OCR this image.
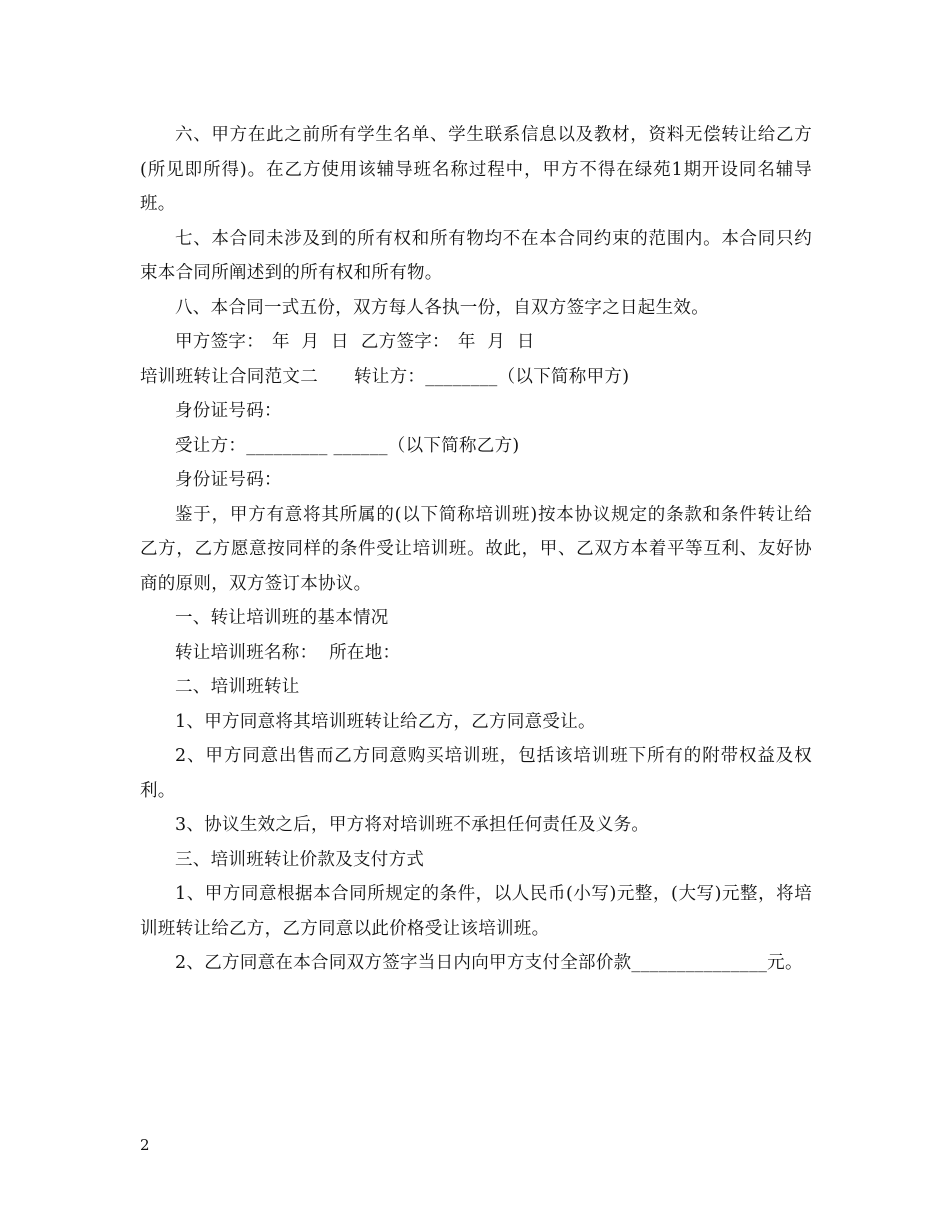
六、甲方在此之前所有学生名单、学生联系信息以及教材，资料无偿转让给乙方(所见即所得)。在乙方使用该辅导班名称过程中，甲方不得在绿苑1期开设同名辅导班。

七、本合同未涉及到的所有权和所有物均不在本合同约束的范围内。本合同只约束本合同所阐述到的所有权和所有物。

八、本合同一式五份，双方每人各执一份，自双方签字之日起生效。

甲方签字： 年  月  日 乙方签字： 年  月  日

培训班转让合同范文二 转让方：________（以下简称甲方)

身份证号码：

受让方：_________ ______（以下简称乙方)

身份证号码：

鉴于，甲方有意将其所属的(以下简称培训班)按本协议规定的条款和条件转让给乙方，乙方愿意按同样的条件受让培训班。故此，甲、乙双方本着平等互利、友好协商的原则，双方签订本协议。

一、转让培训班的基本情况

转让培训班名称：  所在地：

二、培训班转让

1、甲方同意将其培训班转让给乙方，乙方同意受让。

2、甲方同意出售而乙方同意购买培训班，包括该培训班下所有的附带权益及权利。

3、协议生效之后，甲方将对培训班不承担任何责任及义务。

三、培训班转让价款及支付方式

1、甲方同意根据本合同所规定的条件，以人民币(小写)元整，(大写)元整，将培训班转让给乙方，乙方同意以此价格受让该培训班。

2、乙方同意在本合同双方签字当日内向甲方支付全部价款_______________元。

2
